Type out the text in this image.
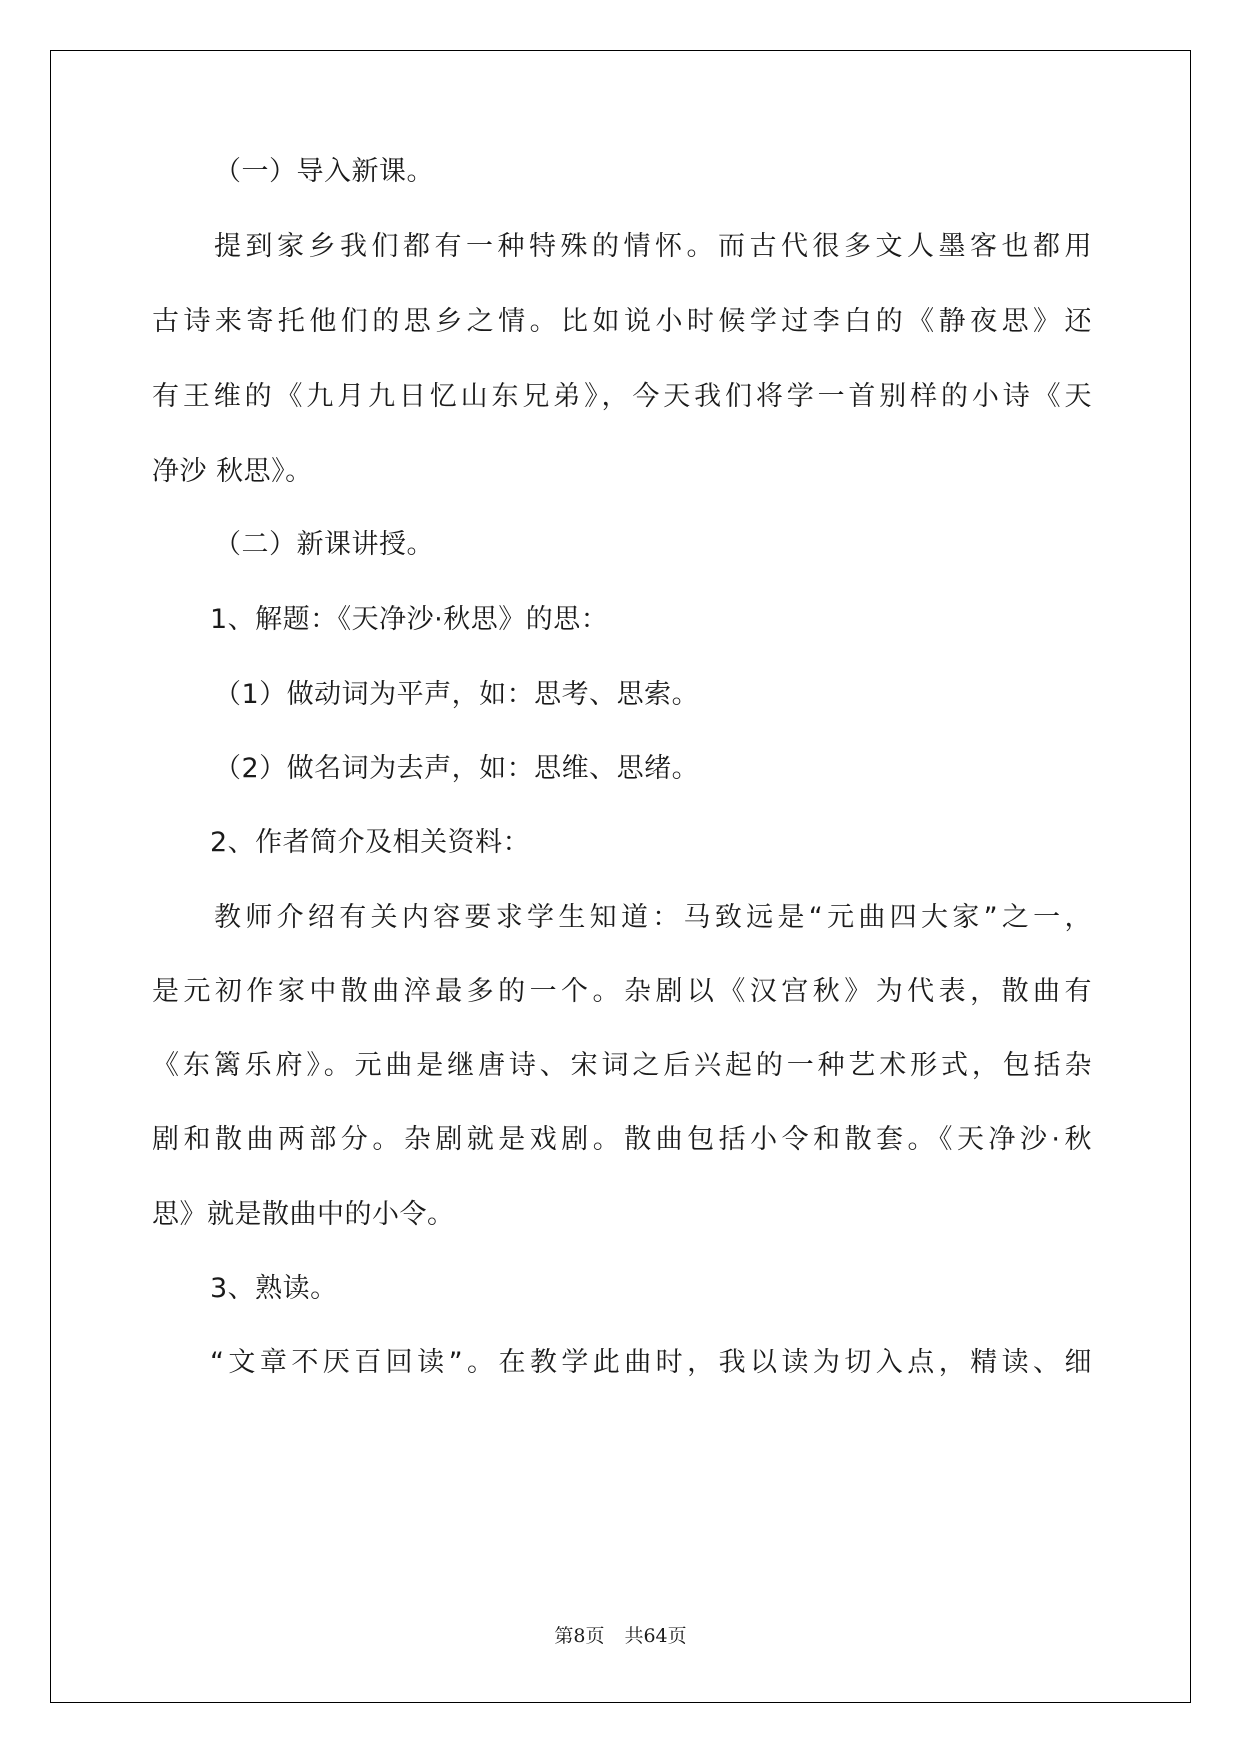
（一）导入新课。
提到家乡我们都有一种特殊的情怀。而古代很多文人墨客也都用
古诗来寄托他们的思乡之情。比如说小时候学过李白的《静夜思》还
有王维的《九月九日忆山东兄弟》，今天我们将学一首别样的小诗《天
净沙 秋思》。
（二）新课讲授。
1、解题：《天净沙·秋思》的思：
（1）做动词为平声，如：思考、思索。
（2）做名词为去声，如：思维、思绪。
2、作者简介及相关资料：
教师介绍有关内容要求学生知道：马致远是“元曲四大家”之一，
是元初作家中散曲淬最多的一个。杂剧以《汉宫秋》为代表，散曲有
《东篱乐府》。元曲是继唐诗、宋词之后兴起的一种艺术形式，包括杂
剧和散曲两部分。杂剧就是戏剧。散曲包括小令和散套。《天净沙·秋
思》就是散曲中的小令。
3、熟读。
“文章不厌百回读”。在教学此曲时，我以读为切入点，精读、细
第8页 共64页
